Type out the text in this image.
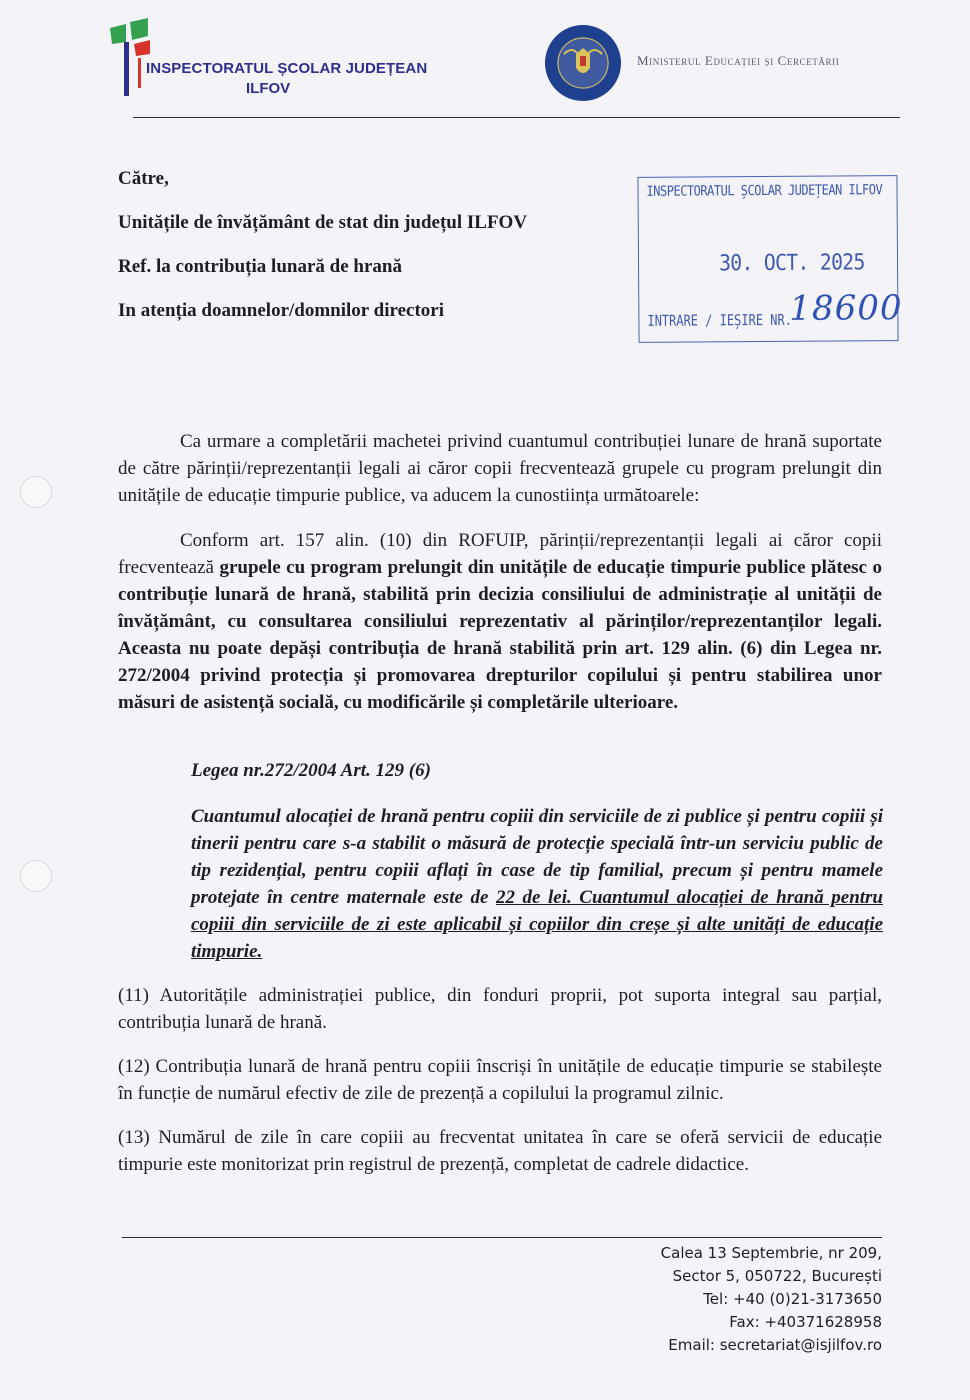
INSPECTORATUL ȘCOLAR JUDEȚEAN
ILFOV
Ministerul Educației și Cercetării
Către,
Unitățile de învățământ de stat din județul ILFOV
Ref. la contribuția lunară de hrană
In atenția doamnelor/domnilor directori
INSPECTORATUL ȘCOLAR JUDEȚEAN ILFOV
30. OCT. 2025
INTRARE / IEȘIRE NR.
18600
Ca urmare a completării machetei privind cuantumul contribuției lunare de hrană suportate de către părinții/reprezentanții legali ai căror copii frecventează grupele cu program prelungit din unitățile de educație timpurie publice, va aducem la cunostiința următoarele:
Conform art. 157 alin. (10) din ROFUIP, părinții/reprezentanții legali ai căror copii frecventează grupele cu program prelungit din unitățile de educație timpurie publice plătesc o contribuție lunară de hrană, stabilită prin decizia consiliului de administrație al unității de învățământ, cu consultarea consiliului reprezentativ al părinților/reprezentanților legali. Aceasta nu poate depăși contribuția de hrană stabilită prin art. 129 alin. (6) din Legea nr. 272/2004 privind protecția și promovarea drepturilor copilului și pentru stabilirea unor măsuri de asistență socială, cu modificările și completările ulterioare.
Legea nr.272/2004 Art. 129 (6)
Cuantumul alocației de hrană pentru copiii din serviciile de zi publice și pentru copiii și tinerii pentru care s-a stabilit o măsură de protecție specială într-un serviciu public de tip rezidențial, pentru copiii aflați în case de tip familial, precum și pentru mamele protejate în centre maternale este de 22 de lei. Cuantumul alocației de hrană pentru copiii din serviciile de zi este aplicabil și copiilor din creșe și alte unități de educație timpurie.
(11) Autoritățile administrației publice, din fonduri proprii, pot suporta integral sau parțial, contribuția lunară de hrană.
(12) Contribuția lunară de hrană pentru copiii înscriși în unitățile de educație timpurie se stabilește în funcție de numărul efectiv de zile de prezență a copilului la programul zilnic.
(13) Numărul de zile în care copiii au frecventat unitatea în care se oferă servicii de educație timpurie este monitorizat prin registrul de prezență, completat de cadrele didactice.
Calea 13 Septembrie, nr 209,
Sector 5, 050722, București
Tel: +40 (0)21-3173650
Fax: +40371628958
Email: secretariat@isjilfov.ro
